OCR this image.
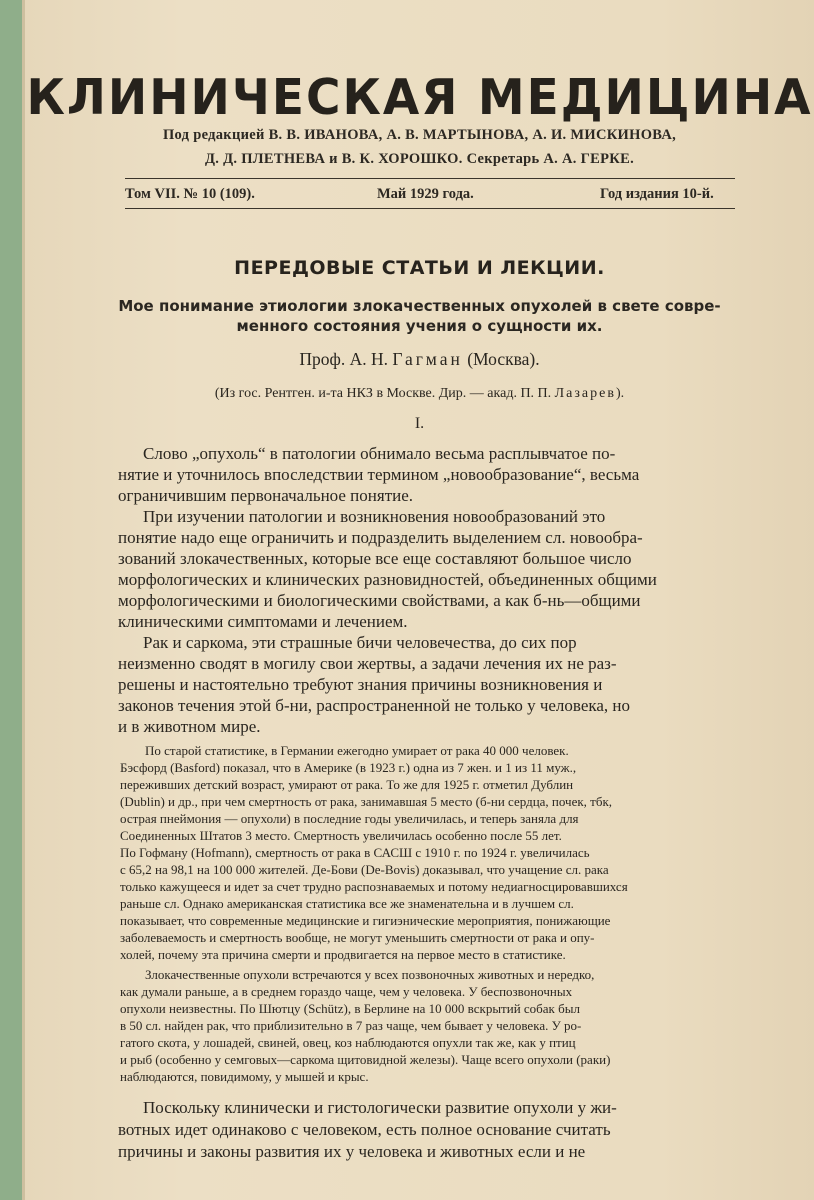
КЛИНИЧЕСКАЯ МЕДИЦИНА
Под редакцией В. В. ИВАНОВА, А. В. МАРТЫНОВА, А. И. МИСКИНОВА,
Д. Д. ПЛЕТНЕВА и В. К. ХОРОШКО. Секретарь А. А. ГЕРКЕ.
Том VII. № 10 (109).	Май 1929 года.	Год издания 10-й.
ПЕРЕДОВЫЕ СТАТЬИ И ЛЕКЦИИ.
Мое понимание этиологии злокачественных опухолей в свете совре-
менного состояния учения о сущности их.
Проф. А. Н. Гагман (Москва).
(Из гос. Рентген. и-та НКЗ в Москве. Дир. — акад. П. П. Лазарев).
I.
Слово „опухоль“ в патологии обнимало весьма расплывчатое по-
нятие и уточнилось впоследствии термином „новообразование“, весьма
ограничившим первоначальное понятие.
При изучении патологии и возникновения новообразований это
понятие надо еще ограничить и подразделить выделением сл. новообра-
зований злокачественных, которые все еще составляют большое число
морфологических и клинических разновидностей, объединенных общими
морфологическими и биологическими свойствами, а как б-нь—общими
клиническими симптомами и лечением.
Рак и саркома, эти страшные бичи человечества, до сих пор
неизменно сводят в могилу свои жертвы, а задачи лечения их не раз-
решены и настоятельно требуют знания причины возникновения и
законов течения этой б-ни, распространенной не только у человека, но
и в животном мире.
По старой статистике, в Германии ежегодно умирает от рака 40 000 человек.
Бэсфорд (Basford) показал, что в Америке (в 1923 г.) одна из 7 жен. и 1 из 11 муж.,
переживших детский возраст, умирают от рака. То же для 1925 г. отметил Дублин
(Dublin) и др., при чем смертность от рака, занимавшая 5 место (б-ни сердца, почек, тбк,
острая пнеймония — опухоли) в последние годы увеличилась, и теперь заняла для
Соединенных Штатов 3 место. Смертность увеличилась особенно после 55 лет.
По Гофману (Hofmann), смертность от рака в САСШ с 1910 г. по 1924 г. увеличилась
с 65,2 на 98,1 на 100 000 жителей. Де-Бови (De-Bovis) доказывал, что учащение сл. рака
только кажущееся и идет за счет трудно распознаваемых и потому недиагносцировавшихся
раньше сл. Однако американская статистика все же знаменательна и в лучшем сл.
показывает, что современные медицинские и гигиэнические мероприятия, понижающие
заболеваемость и смертность вообще, не могут уменьшить смертности от рака и опу-
холей, почему эта причина смерти и продвигается на первое место в статистике.
Злокачественные опухоли встречаются у всех позвоночных животных и нередко,
как думали раньше, а в среднем гораздо чаще, чем у человека. У беспозвоночных
опухоли неизвестны. По Шютцу (Schütz), в Берлине на 10 000 вскрытий собак был
в 50 сл. найден рак, что приблизительно в 7 раз чаще, чем бывает у человека. У ро-
гатого скота, у лошадей, свиней, овец, коз наблюдаются опухли так же, как у птиц
и рыб (особенно у семговых—саркома щитовидной железы). Чаще всего опухоли (раки)
наблюдаются, повидимому, у мышей и крыс.
Поскольку клинически и гистологически развитие опухоли у жи-
вотных идет одинаково с человеком, есть полное основание считать
причины и законы развития их у человека и животных если и не
